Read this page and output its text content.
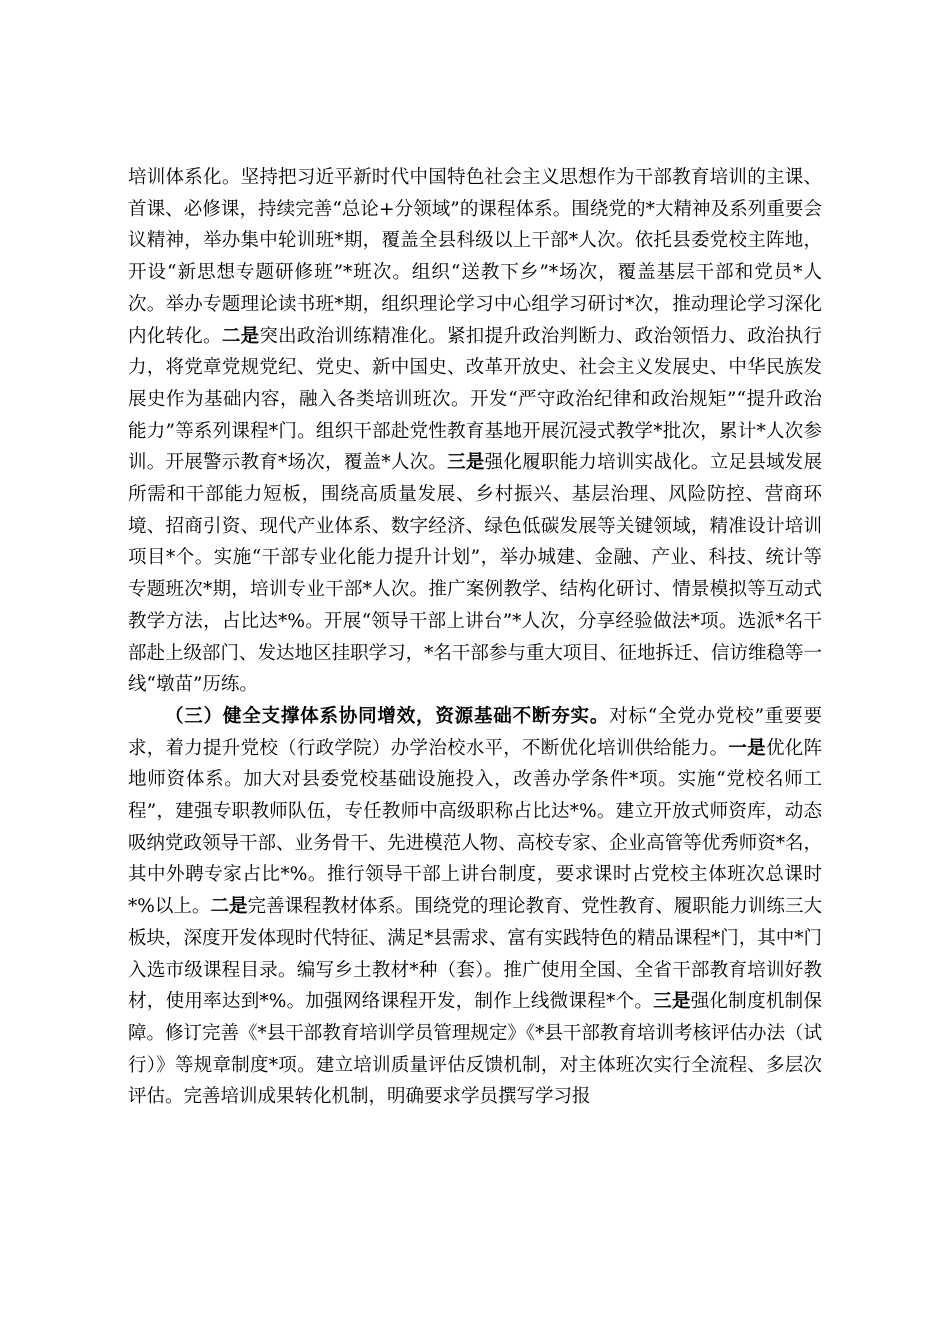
培训体系化。坚持把习近平新时代中国特色社会主义思想作为干部教育培训的主课、首课、必修课，持续完善“总论+分领域”的课程体系。围绕党的*大精神及系列重要会议精神，举办集中轮训班*期，覆盖全县科级以上干部*人次。依托县委党校主阵地，开设“新思想专题研修班”*班次。组织“送教下乡”*场次，覆盖基层干部和党员*人次。举办专题理论读书班*期，组织理论学习中心组学习研讨*次，推动理论学习深化内化转化。二是突出政治训练精准化。紧扣提升政治判断力、政治领悟力、政治执行力，将党章党规党纪、党史、新中国史、改革开放史、社会主义发展史、中华民族发展史作为基础内容，融入各类培训班次。开发“严守政治纪律和政治规矩”“提升政治能力”等系列课程*门。组织干部赴党性教育基地开展沉浸式教学*批次，累计*人次参训。开展警示教育*场次，覆盖*人次。三是强化履职能力培训实战化。立足县域发展所需和干部能力短板，围绕高质量发展、乡村振兴、基层治理、风险防控、营商环境、招商引资、现代产业体系、数字经济、绿色低碳发展等关键领域，精准设计培训项目*个。实施“干部专业化能力提升计划”，举办城建、金融、产业、科技、统计等专题班次*期，培训专业干部*人次。推广案例教学、结构化研讨、情景模拟等互动式教学方法，占比达*%。开展“领导干部上讲台”*人次，分享经验做法*项。选派*名干部赴上级部门、发达地区挂职学习，*名干部参与重大项目、征地拆迁、信访维稳等一线“墩苗”历练。

（三）健全支撑体系协同增效，资源基础不断夯实。对标“全党办党校”重要要求，着力提升党校（行政学院）办学治校水平，不断优化培训供给能力。一是优化阵地师资体系。加大对县委党校基础设施投入，改善办学条件*项。实施“党校名师工程”，建强专职教师队伍，专任教师中高级职称占比达*%。建立开放式师资库，动态吸纳党政领导干部、业务骨干、先进模范人物、高校专家、企业高管等优秀师资*名，其中外聘专家占比*%。推行领导干部上讲台制度，要求课时占党校主体班次总课时*%以上。二是完善课程教材体系。围绕党的理论教育、党性教育、履职能力训练三大板块，深度开发体现时代特征、满足*县需求、富有实践特色的精品课程*门，其中*门入选市级课程目录。编写乡土教材*种（套）。推广使用全国、全省干部教育培训好教材，使用率达到*%。加强网络课程开发，制作上线微课程*个。三是强化制度机制保障。修订完善《*县干部教育培训学员管理规定》《*县干部教育培训考核评估办法（试行）》等规章制度*项。建立培训质量评估反馈机制，对主体班次实行全流程、多层次评估。完善培训成果转化机制，明确要求学员撰写学习报
